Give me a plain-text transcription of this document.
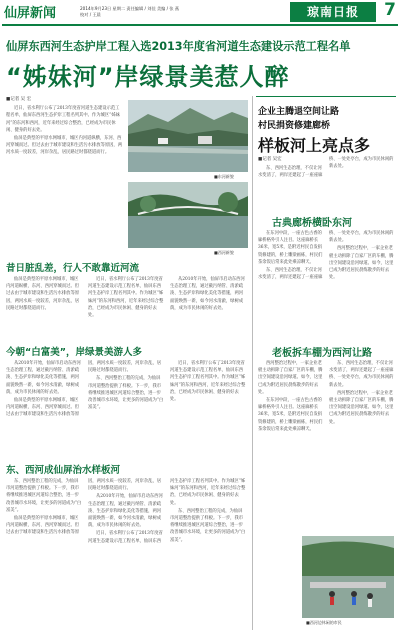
仙屏新闻	2014年9月23日 星期二 责任编辑 / 刘佳 美编 / 张 燕
校对 / 王晨	琼南日报	7
仙屏东西河生态护岸工程入选2013年度省河道生态建设示范工程名单
“姊妹河”岸绿景美惹人醉
■记者 吴 宏

近日，省水利厅公布了2013年度省河道生态建设示范工程名单，仙屏东西河生态护岸工程名列其中。作为城区“姊妹河”的东河和西河，近年来经过综合整治，已经成为市民休闲、健身的好去处。

仙屏是典型的平原水网城市，城区内河道纵横，东河、西河穿城而过。但过去由于城市建设和生活污水排放等原因，两河水质一度较差，河岸杂乱，居民路过时都绕道而行。

■东河新貌
■西河新貌
昔日脏乱差，行人不敢靠近河流

仙屏是典型的平原水网城市，城区内河道纵横，东河、西河穿城而过。但过去由于城市建设和生活污水排放等原因，两河水质一度较差，河岸杂乱，居民路过时都绕道而行。

近日，省水利厅公布了2013年度省河道生态建设示范工程名单，仙屏东西河生态护岸工程名列其中。作为城区“姊妹河”的东河和西河，近年来经过综合整治，已经成为市民休闲、健身的好去处。

从2010年开始，仙屏市启动东西河生态治理工程，通过截污纳管、清淤疏浚、生态护岸和绿化美化等措施，两河面貌焕然一新，如今河水清澈，绿树成荫，成为市民休闲的好去处。

今朝“白富美”，岸绿景美游人多

从2010年开始，仙屏市启动东西河生态治理工程，通过截污纳管、清淤疏浚、生态护岸和绿化美化等措施，两河面貌焕然一新，如今河水清澈，绿树成荫，成为市民休闲的好去处。

仙屏是典型的平原水网城市，城区内河道纵横，东河、西河穿城而过。但过去由于城市建设和生活污水排放等原因，两河水质一度较差，河岸杂乱，居民路过时都绕道而行。

东、西河整治工程的完成，为仙屏市河道整治提供了样板。下一步，我市将继续推进城区河道综合整治，进一步改善城市水环境，让更多的河道成为“白富美”。

近日，省水利厅公布了2013年度省河道生态建设示范工程名单，仙屏东西河生态护岸工程名列其中。作为城区“姊妹河”的东河和西河，近年来经过综合整治，已经成为市民休闲、健身的好去处。

东、西河成仙屏治水样板河

东、西河整治工程的完成，为仙屏市河道整治提供了样板。下一步，我市将继续推进城区河道综合整治，进一步改善城市水环境，让更多的河道成为“白富美”。

仙屏是典型的平原水网城市，城区内河道纵横，东河、西河穿城而过。但过去由于城市建设和生活污水排放等原因，两河水质一度较差，河岸杂乱，居民路过时都绕道而行。

从2010年开始，仙屏市启动东西河生态治理工程，通过截污纳管、清淤疏浚、生态护岸和绿化美化等措施，两河面貌焕然一新，如今河水清澈，绿树成荫，成为市民休闲的好去处。

近日，省水利厅公布了2013年度省河道生态建设示范工程名单，仙屏东西河生态护岸工程名列其中。作为城区“姊妹河”的东河和西河，近年来经过综合整治，已经成为市民休闲、健身的好去处。

东、西河整治工程的完成，为仙屏市河道整治提供了样板。下一步，我市将继续推进城区河道综合整治，进一步改善城市水环境，让更多的河道成为“白富美”。

企业主腾退空间让路
村民捐资修建廊桥
样板河上亮点多
■记者 吴宏

东、西河生态治理，不仅让河水变清了，两岸还建起了一座座廊桥、一处处亭台，成为市民休闲的新去处。

古典廊桥横卧东河

在东河中段，一座古色古香的廊桥格外引人注目。这座廊桥长36米，宽5米，是附近村民自发捐资修建的，桥上雕梁画栋，村民们茶余饭后常来此处乘凉聊天。

东、西河生态治理，不仅让河水变清了，两岸还建起了一座座廊桥、一处处亭台，成为市民休闲的新去处。

西河整治过程中，一家企业老板主动拆除了自家厂区的车棚，腾出空间建设沿河绿道。如今，这里已成为附近居民晨练散步的好去处。

老板拆车棚为西河让路

西河整治过程中，一家企业老板主动拆除了自家厂区的车棚，腾出空间建设沿河绿道。如今，这里已成为附近居民晨练散步的好去处。

在东河中段，一座古色古香的廊桥格外引人注目。这座廊桥长36米，宽5米，是附近村民自发捐资修建的，桥上雕梁画栋，村民们茶余饭后常来此处乘凉聊天。

东、西河生态治理，不仅让河水变清了，两岸还建起了一座座廊桥、一处处亭台，成为市民休闲的新去处。

西河整治过程中，一家企业老板主动拆除了自家厂区的车棚，腾出空间建设沿河绿道。如今，这里已成为附近居民晨练散步的好去处。

■西河边休闲的市民
